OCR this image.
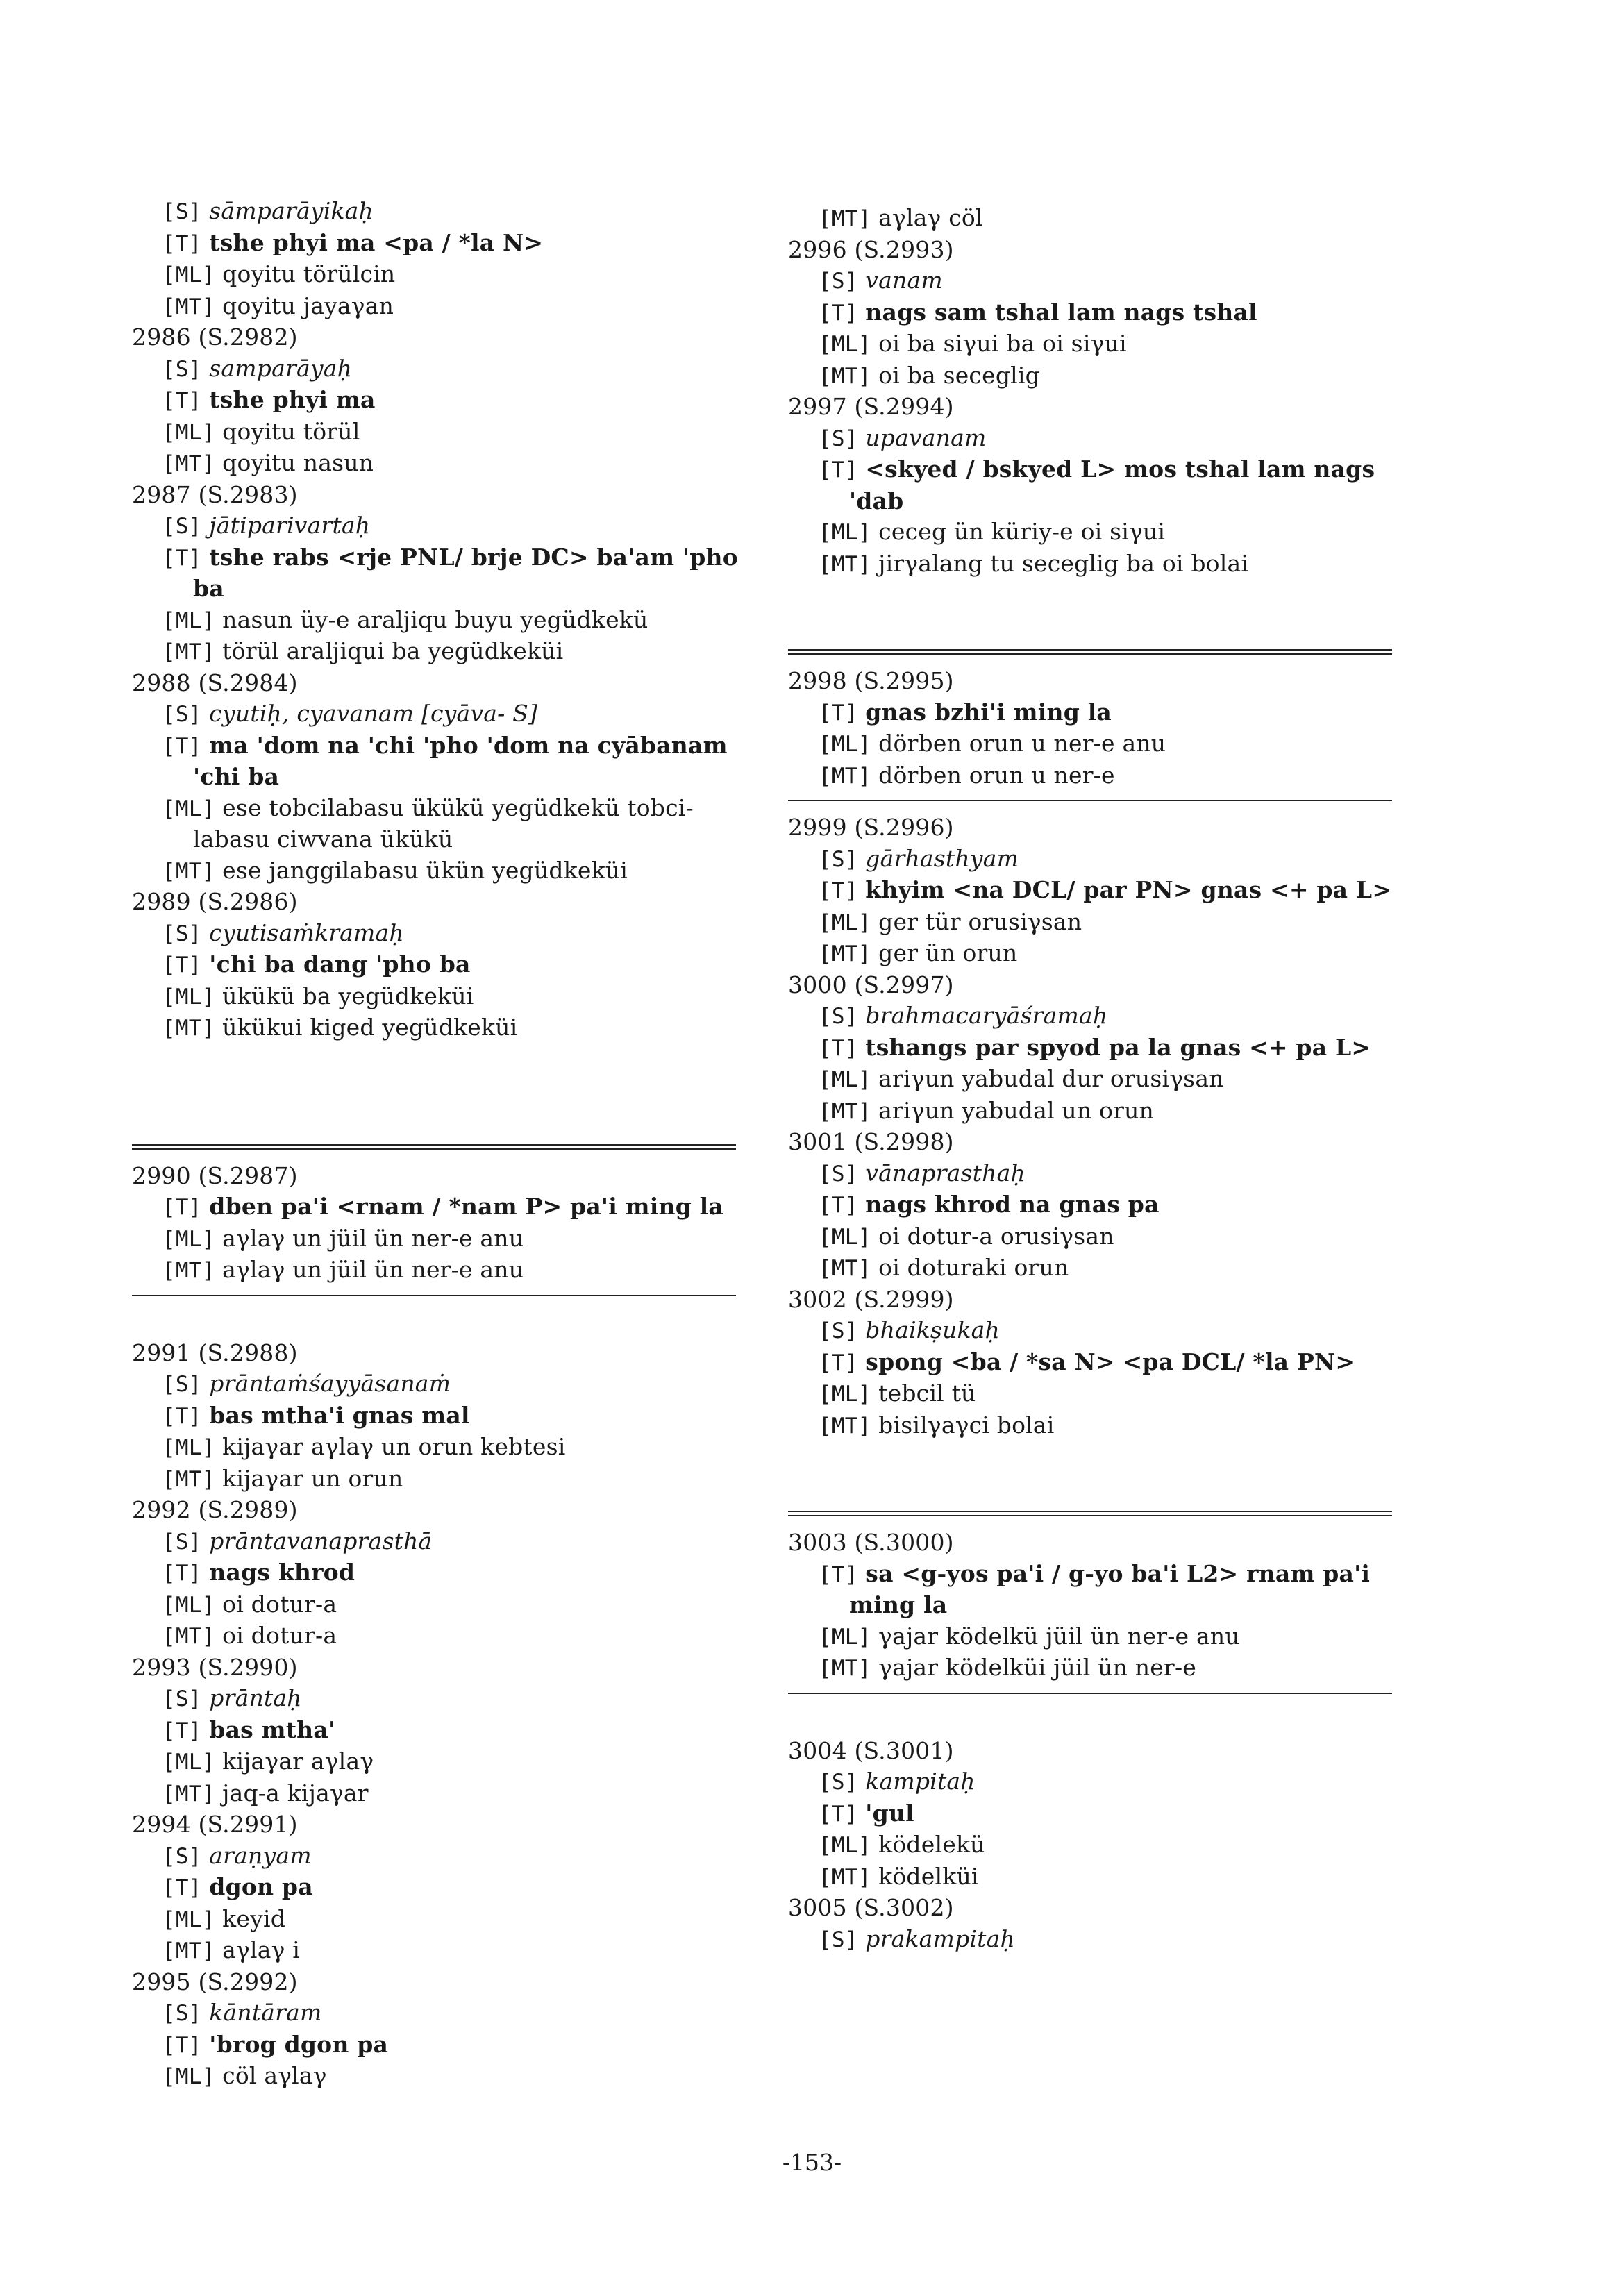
[S] sāmparāyikaḥ
[T] tshe phyi ma <pa / *la N>
[ML] qoyitu törülcin
[MT] qoyitu jayaγan
2986 (S.2982)
[S] samparāyaḥ
[T] tshe phyi ma
[ML] qoyitu törül
[MT] qoyitu nasun
2987 (S.2983)
[S] jātiparivartaḥ
[T] tshe rabs <rje PNL/ brje DC> ba'am 'pho
ba
[ML] nasun üy-e araljiqu buyu yegüdkekü
[MT] törül araljiqui ba yegüdkeküi
2988 (S.2984)
[S] cyutiḥ, cyavanam [cyāva- S]
[T] ma 'dom na 'chi 'pho 'dom na cyābanam
'chi ba
[ML] ese tobcilabasu ükükü yegüdkekü tobci-
labasu ciwvana ükükü
[MT] ese janggilabasu ükün yegüdkeküi
2989 (S.2986)
[S] cyutisaṁkramaḥ
[T] 'chi ba dang 'pho ba
[ML] ükükü ba yegüdkeküi
[MT] ükükui kiged yegüdkeküi
2990 (S.2987)
[T] dben pa'i <rnam / *nam P> pa'i ming la
[ML] aγlaγ un jüil ün ner-e anu
[MT] aγlaγ un jüil ün ner-e anu
2991 (S.2988)
[S] prāntaṁśayyāsanaṁ
[T] bas mtha'i gnas mal
[ML] kijaγar aγlaγ un orun kebtesi
[MT] kijaγar un orun
2992 (S.2989)
[S] prāntavanaprasthā
[T] nags khrod
[ML] oi dotur-a
[MT] oi dotur-a
2993 (S.2990)
[S] prāntaḥ
[T] bas mtha'
[ML] kijaγar aγlaγ
[MT] jaq-a kijaγar
2994 (S.2991)
[S] araṇyam
[T] dgon pa
[ML] keyid
[MT] aγlaγ i
2995 (S.2992)
[S] kāntāram
[T] 'brog dgon pa
[ML] cöl aγlaγ
[MT] aγlaγ cöl
2996 (S.2993)
[S] vanam
[T] nags sam tshal lam nags tshal
[ML] oi ba siγui ba oi siγui
[MT] oi ba seceglig
2997 (S.2994)
[S] upavanam
[T] <skyed / bskyed L> mos tshal lam nags
'dab
[ML] ceceg ün küriy-e oi siγui
[MT] jirγalang tu seceglig ba oi bolai
2998 (S.2995)
[T] gnas bzhi'i ming la
[ML] dörben orun u ner-e anu
[MT] dörben orun u ner-e
2999 (S.2996)
[S] gārhasthyam
[T] khyim <na DCL/ par PN> gnas <+ pa L>
[ML] ger tür orusiγsan
[MT] ger ün orun
3000 (S.2997)
[S] brahmacaryāśramaḥ
[T] tshangs par spyod pa la gnas <+ pa L>
[ML] ariγun yabudal dur orusiγsan
[MT] ariγun yabudal un orun
3001 (S.2998)
[S] vānaprasthaḥ
[T] nags khrod na gnas pa
[ML] oi dotur-a orusiγsan
[MT] oi doturaki orun
3002 (S.2999)
[S] bhaikṣukaḥ
[T] spong <ba / *sa N> <pa DCL/ *la PN>
[ML] tebcil tü
[MT] bisilγaγci bolai
3003 (S.3000)
[T] sa <g-yos pa'i / g-yo ba'i L2> rnam pa'i
ming la
[ML] γajar ködelkü jüil ün ner-e anu
[MT] γajar ködelküi jüil ün ner-e
3004 (S.3001)
[S] kampitaḥ
[T] 'gul
[ML] ködelekü
[MT] ködelküi
3005 (S.3002)
[S] prakampitaḥ
-153-
